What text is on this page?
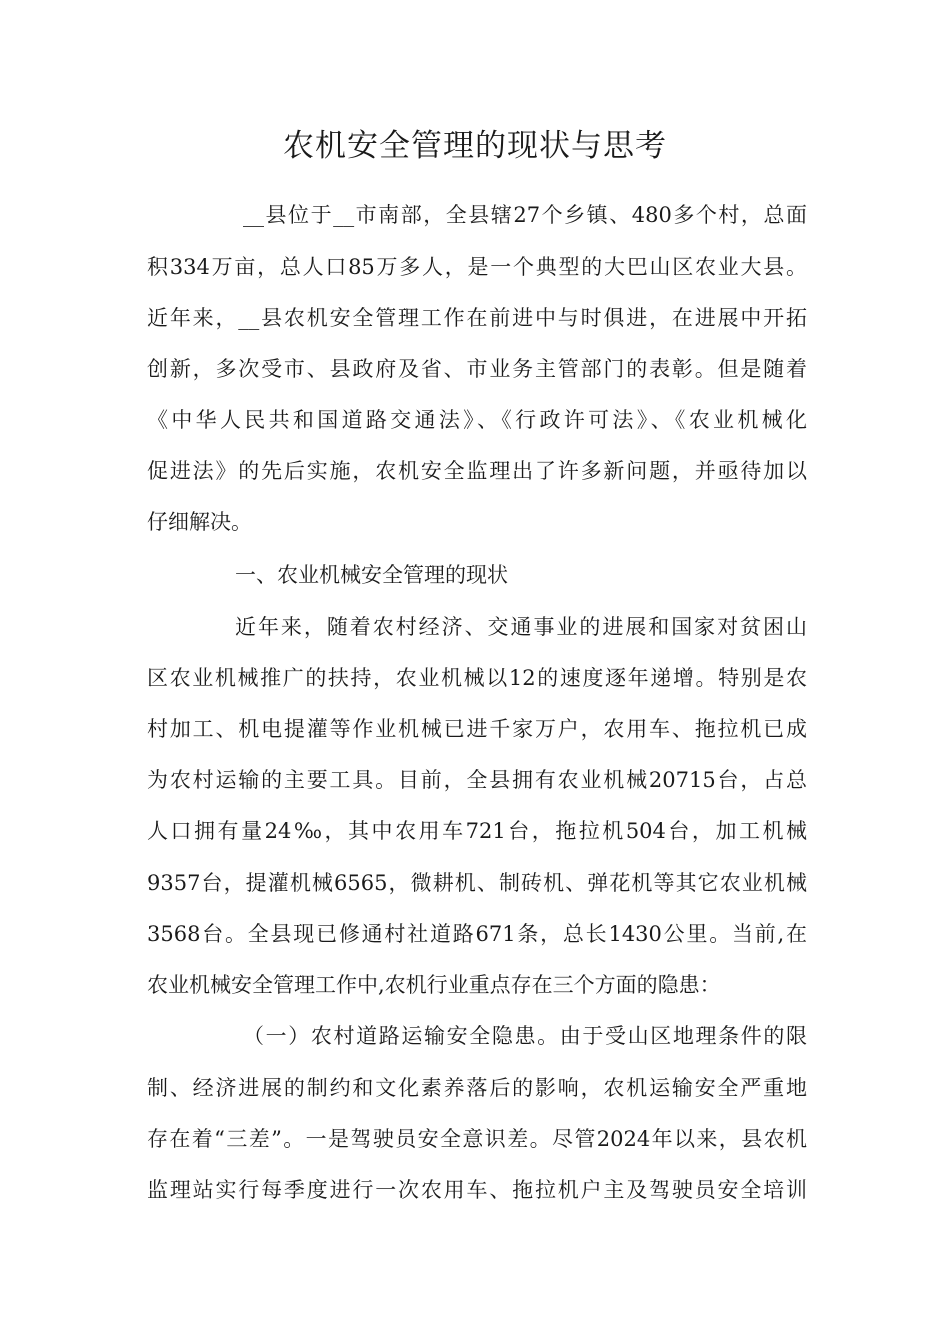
农机安全管理的现状与思考
__县位于__市南部，全县辖27个乡镇、480多个村，总面
积334万亩，总人口85万多人，是一个典型的大巴山区农业大县。
近年来，__县农机安全管理工作在前进中与时俱进，在进展中开拓
创新，多次受市、县政府及省、市业务主管部门的表彰。但是随着
《中华人民共和国道路交通法》、《行政许可法》、《农业机械化
促进法》的先后实施，农机安全监理出了许多新问题，并亟待加以
仔细解决。
一、农业机械安全管理的现状
近年来，随着农村经济、交通事业的进展和国家对贫困山
区农业机械推广的扶持，农业机械以12的速度逐年递增。特别是农
村加工、机电提灌等作业机械已进千家万户，农用车、拖拉机已成
为农村运输的主要工具。目前，全县拥有农业机械20715台，占总
人口拥有量24‰，其中农用车721台，拖拉机504台，加工机械
9357台，提灌机械6565，微耕机、制砖机、弹花机等其它农业机械
3568台。全县现已修通村社道路671条，总长1430公里。当前,在
农业机械安全管理工作中,农机行业重点存在三个方面的隐患：
（一）农村道路运输安全隐患。由于受山区地理条件的限
制、经济进展的制约和文化素养落后的影响，农机运输安全严重地
存在着“三差”。一是驾驶员安全意识差。尽管2024年以来，县农机
监理站实行每季度进行一次农用车、拖拉机户主及驾驶员安全培训
